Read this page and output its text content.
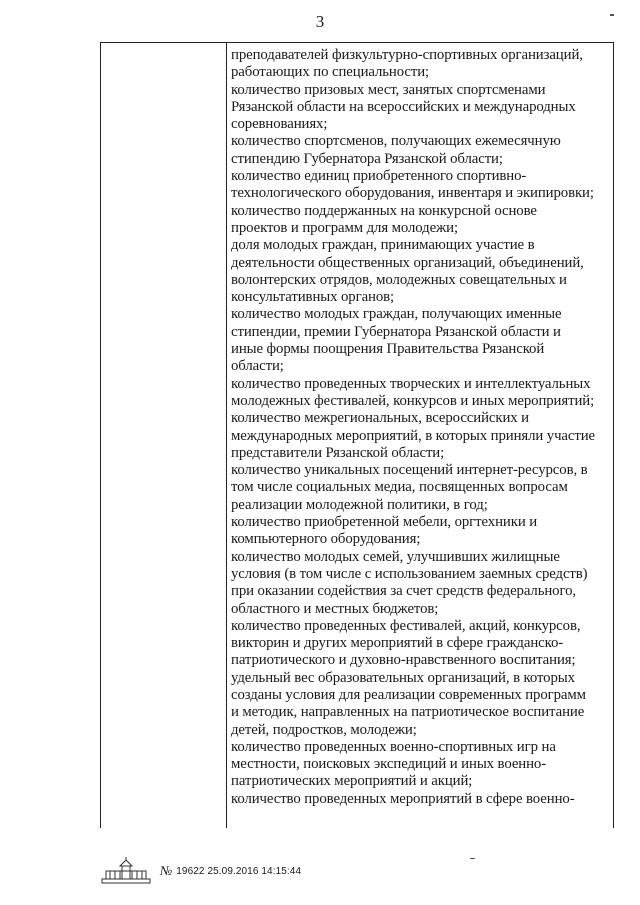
3
преподавателей физкультурно-спортивных организаций,
работающих по специальности;
количество призовых мест, занятых спортсменами
Рязанской области на всероссийских и международных
соревнованиях;
количество спортсменов, получающих ежемесячную
стипендию Губернатора Рязанской области;
количество единиц приобретенного спортивно-
технологического оборудования, инвентаря и экипировки;
количество поддержанных на конкурсной основе
проектов и программ для молодежи;
доля молодых граждан, принимающих участие в
деятельности общественных организаций, объединений,
волонтерских отрядов, молодежных совещательных и
консультативных органов;
количество молодых граждан, получающих именные
стипендии, премии Губернатора Рязанской области и
иные формы поощрения Правительства Рязанской
области;
количество проведенных творческих и интеллектуальных
молодежных фестивалей, конкурсов и иных мероприятий;
количество межрегиональных, всероссийских и
международных мероприятий, в которых приняли участие
представители Рязанской области;
количество уникальных посещений интернет-ресурсов, в
том числе социальных медиа, посвященных вопросам
реализации молодежной политики, в год;
количество приобретенной мебели, оргтехники и
компьютерного оборудования;
количество молодых семей, улучшивших жилищные
условия (в том числе с использованием заемных средств)
при оказании содействия за счет средств федерального,
областного и местных бюджетов;
количество проведенных фестивалей, акций, конкурсов,
викторин и других мероприятий в сфере гражданско-
патриотического и духовно-нравственного воспитания;
удельный вес образовательных организаций, в которых
созданы условия для реализации современных программ
и методик, направленных на патриотическое воспитание
детей, подростков, молодежи;
количество проведенных военно-спортивных игр на
местности, поисковых экспедиций и иных военно-
патриотических мероприятий и акций;
количество проведенных мероприятий в сфере военно-
№ 19622 25.09.2016 14:15:44
